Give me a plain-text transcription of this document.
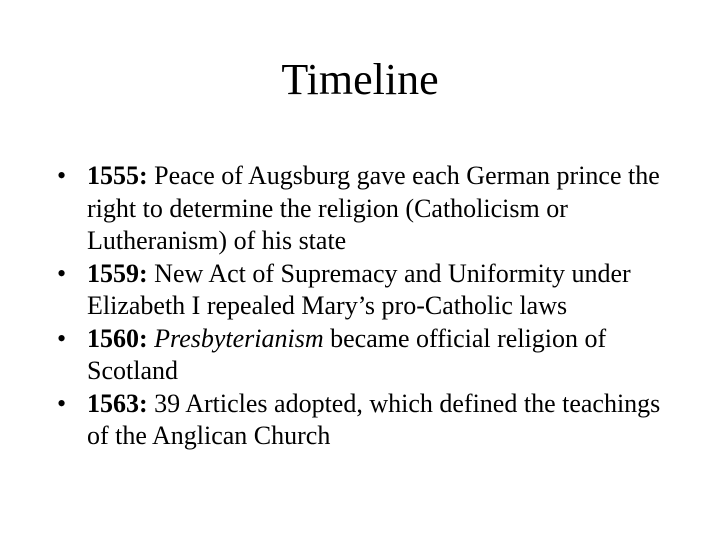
Timeline
• 1555: Peace of Augsburg gave each German prince the right to determine the religion (Catholicism or Lutheranism) of his state
• 1559: New Act of Supremacy and Uniformity under Elizabeth I repealed Mary’s pro-Catholic laws
• 1560: Presbyterianism became official religion of Scotland
• 1563: 39 Articles adopted, which defined the teachings of the Anglican Church
